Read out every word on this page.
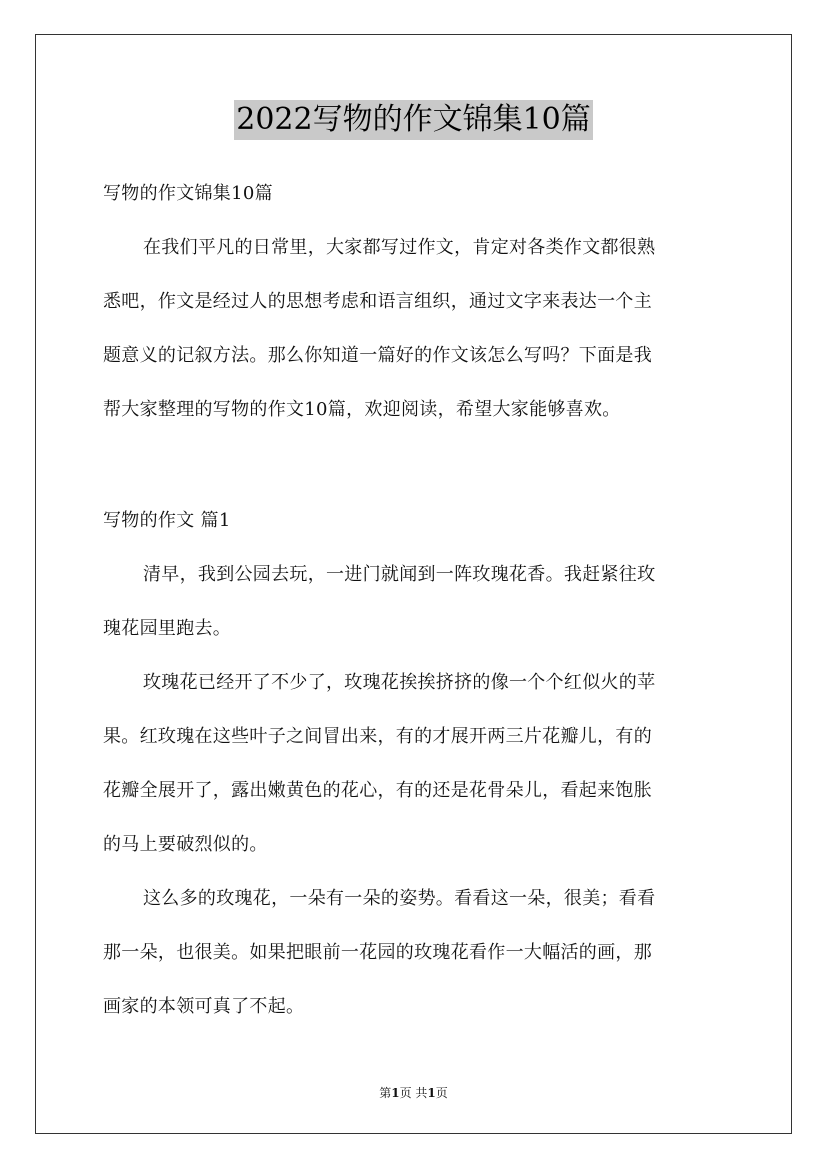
2022写物的作文锦集10篇
写物的作文锦集10篇
在我们平凡的日常里，大家都写过作文，肯定对各类作文都很熟
悉吧，作文是经过人的思想考虑和语言组织，通过文字来表达一个主
题意义的记叙方法。那么你知道一篇好的作文该怎么写吗？下面是我
帮大家整理的写物的作文10篇，欢迎阅读，希望大家能够喜欢。
写物的作文 篇1
清早，我到公园去玩，一进门就闻到一阵玫瑰花香。我赶紧往玫
瑰花园里跑去。
玫瑰花已经开了不少了，玫瑰花挨挨挤挤的像一个个红似火的苹
果。红玫瑰在这些叶子之间冒出来，有的才展开两三片花瓣儿，有的
花瓣全展开了，露出嫩黄色的花心，有的还是花骨朵儿，看起来饱胀
的马上要破烈似的。
这么多的玫瑰花，一朵有一朵的姿势。看看这一朵，很美；看看
那一朵，也很美。如果把眼前一花园的玫瑰花看作一大幅活的画，那
画家的本领可真了不起。
第1页 共1页
